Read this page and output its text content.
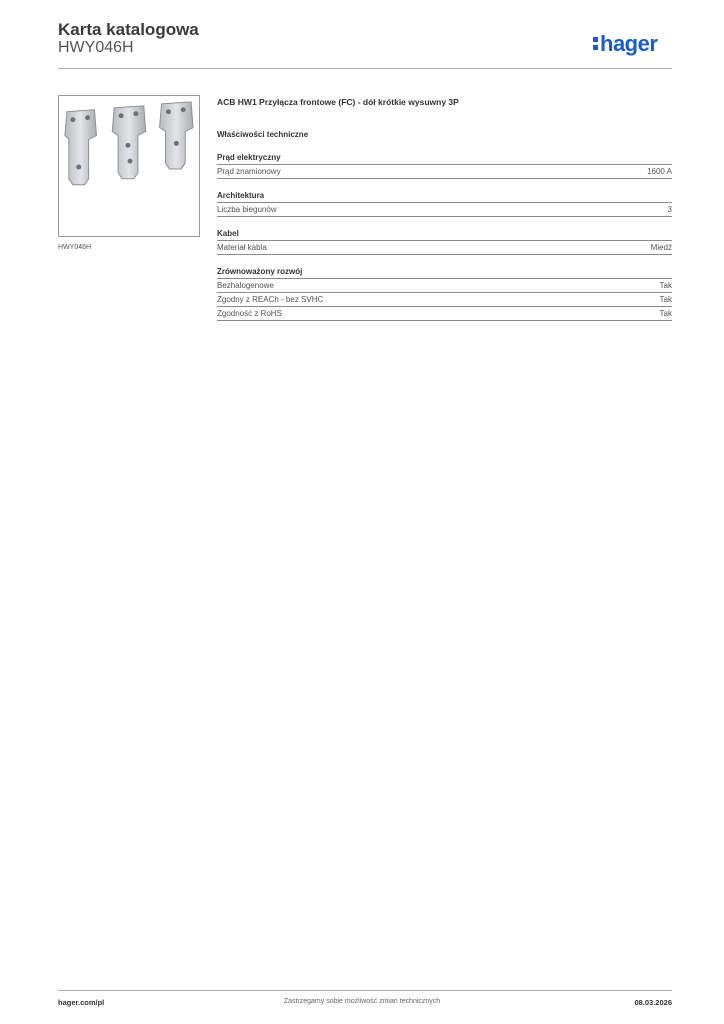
Karta katalogowa
HWY046H	hager
HWY046H
ACB HW1 Przyłącza frontowe (FC) - dół krótkie wysuwny 3P
Właściwości techniczne
Prąd elektryczny
Prąd znamionowy	1600 A
Architektura
Liczba biegunów	3
Kabel
Materiał kabla	Miedź
Zrównoważony rozwój
Bezhalogenowe	Tak
Zgodny z REACh - bez SVHC	Tak
Zgodność z RoHS	Tak
hager.com/pl	Zastrzegamy sobie możliwość zmian technicznych	08.03.2026
